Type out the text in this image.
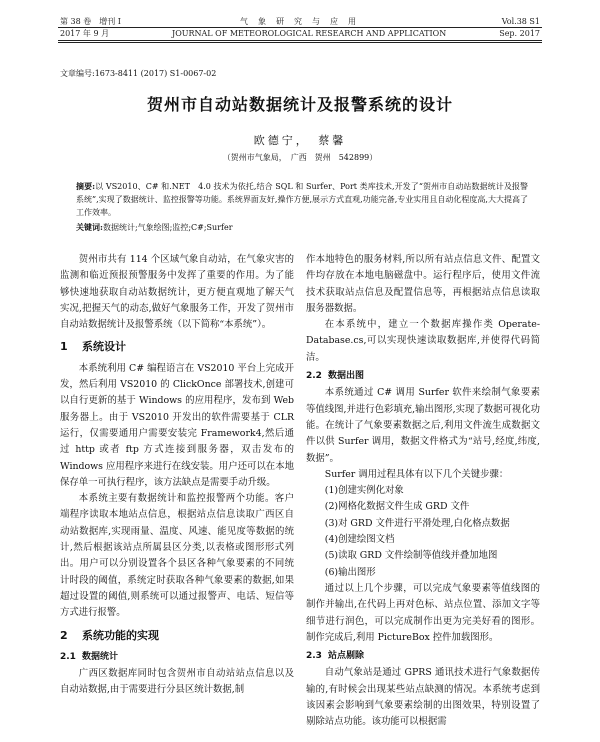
第 38 卷　增刊 Ⅰ
2017 年 9 月
气　象　研　究　与　应　用
JOURNAL OF METEOROLOGICAL RESEARCH AND APPLICATION
Vol.38 S1
Sep. 2017
文章编号:1673-8411 (2017) S1-0067-02
贺州市自动站数据统计及报警系统的设计
欧德宁，　蔡馨
（贺州市气象局，　广西　贺州　542899）
摘要:以 VS2010、C# 和.NET　4.0 技术为依托,结合 SQL 和 Surfer、Port 类库技术,开发了“贺州市自动站数据统计及报警系统”,实现了数据统计、监控报警等功能。系统界面友好,操作方便,展示方式直观,功能完备,专业实用且自动化程度高,大大提高了工作效率。
关键词:数据统计;气象绘图;监控;C#;Surfer

贺州市共有 114 个区域气象自动站，在气象灾害的监测和临近预报预警服务中发挥了重要的作用。为了能够快速地获取自动站数据统计，更方便直观地了解天气实况,把握天气的动态,做好气象服务工作，开发了贺州市自动站数据统计及报警系统（以下简称“本系统”）。

1 系统设计

本系统利用 C# 编程语言在 VS2010 平台上完成开发，然后利用 VS2010 的 ClickOnce 部署技术,创建可以自行更新的基于 Windows 的应用程序，发布到 Web 服务器上。由于 VS2010 开发出的软件需要基于 CLR 运行，仅需要通用户需要安装完 Framework4,然后通过 http 或者 ftp 方式连接到服务器，双击发布的 Windows 应用程序来进行在线安装。用户还可以在本地保存单一可执行程序，该方法缺点是需要手动升级。

本系统主要有数据统计和监控报警两个功能。客户端程序读取本地站点信息，根据站点信息读取广西区自动站数据库,实现雨量、温度、风速、能见度等数据的统计,然后根据该站点所属县区分类,以表格或图形形式列出。用户可以分别设置各个县区各种气象要素的不同统计时段的阈值，系统定时获取各种气象要素的数据,如果超过设置的阈值,则系统可以通过报警声、电话、短信等方式进行报警。

2 系统功能的实现
2.1 数据统计

广西区数据库同时包含贺州市自动站站点信息以及自动站数据,由于需要进行分县区统计数据,制

作本地特色的服务材料,所以所有站点信息文件、配置文件均存放在本地电脑磁盘中。运行程序后，使用文件流技术获取站点信息及配置信息等，再根据站点信息读取服务器数据。

在本系统中，建立一个数据库操作类 Operate-Database.cs,可以实现快速读取数据库,并使得代码简洁。

2.2 数据出图

本系统通过 C# 调用 Surfer 软件来绘制气象要素等值线图,并进行色彩填充,输出图形,实现了数据可视化功能。在统计了气象要素数据之后,利用文件流生成数据文件以供 Surfer 调用，数据文件格式为“站号,经度,纬度,数据”。

Surfer 调用过程具体有以下几个关键步骤：

(1)创建实例化对象

(2)网格化数据文件生成 GRD 文件

(3)对 GRD 文件进行平滑处理,白化格点数据

(4)创建绘图文档

(5)读取 GRD 文件绘制等值线并叠加地图

(6)输出图形

通过以上几个步骤，可以完成气象要素等值线图的制作并输出,在代码上再对色标、站点位置、添加文字等细节进行润色，可以完成制作出更为完美好看的图形。制作完成后,利用 PictureBox 控件加载图形。

2.3 站点剔除

自动气象站是通过 GPRS 通讯技术进行气象数据传输的,有时候会出现某些站点缺测的情况。本系统考虑到该因素会影响到气象要素绘制的出图效果，特别设置了剔除站点功能。该功能可以根据需
